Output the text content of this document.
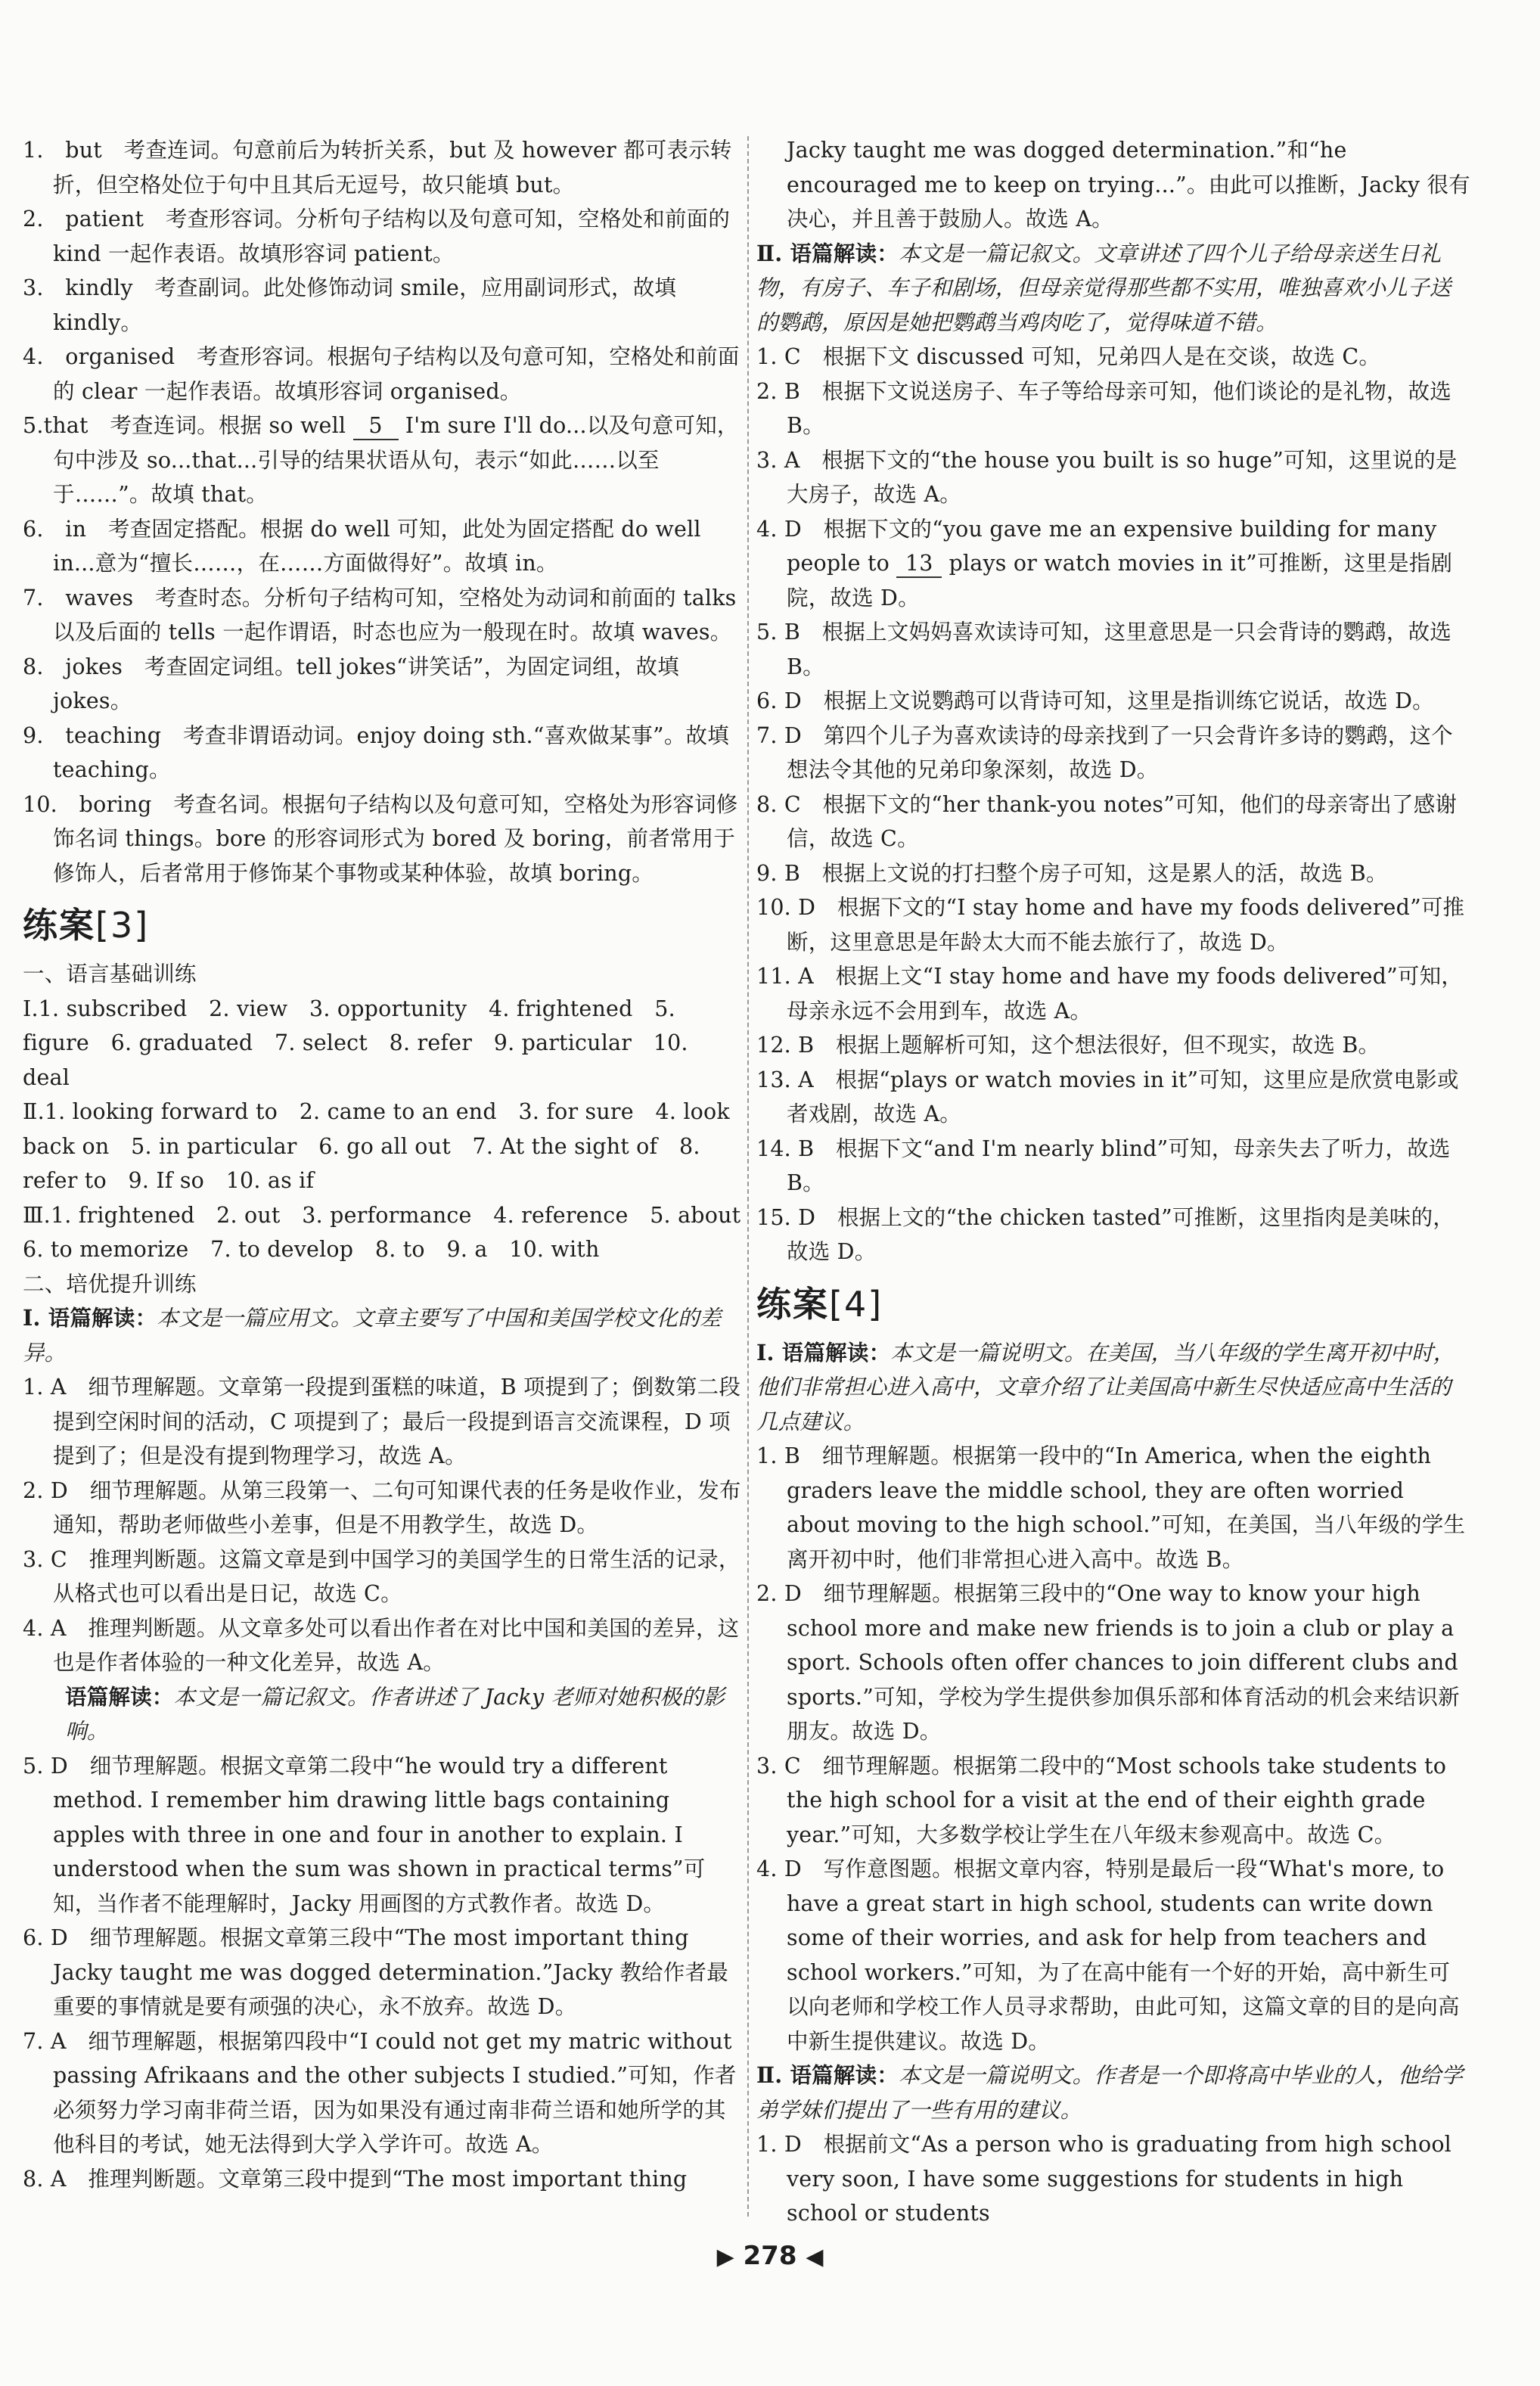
1.　 but　考查连词。句意前后为转折关系，but 及 however 都可表示转折，但空格处位于句中且其后无逗号，故只能填 but。

2.　 patient　考查形容词。分析句子结构以及句意可知，空格处和前面的 kind 一起作表语。故填形容词 patient。

3.　 kindly　考查副词。此处修饰动词 smile，应用副词形式，故填 kindly。

4.　 organised　考查形容词。根据句子结构以及句意可知，空格处和前面的 clear 一起作表语。故填形容词 organised。

5.that　考查连词。根据 so well 5 I'm sure I'll do...以及句意可知，句中涉及 so...that...引导的结果状语从句，表示“如此……以至于……”。故填 that。

6.　 in　考查固定搭配。根据 do well 可知，此处为固定搭配 do well in...意为“擅长……，在……方面做得好”。故填 in。

7.　 waves　考查时态。分析句子结构可知，空格处为动词和前面的 talks 以及后面的 tells 一起作谓语，时态也应为一般现在时。故填 waves。

8.　 jokes　考查固定词组。tell jokes“讲笑话”，为固定词组，故填 jokes。

9.　 teaching　考查非谓语动词。enjoy doing sth.“喜欢做某事”。故填 teaching。

10.　 boring　考查名词。根据句子结构以及句意可知，空格处为形容词修饰名词 things。bore 的形容词形式为 bored 及 boring，前者常用于修饰人，后者常用于修饰某个事物或某种体验，故填 boring。

练案[3]

一、语言基础训练

Ⅰ.1. subscribed　2. view　3. opportunity　4. frightened　5. figure　6. graduated　7. select　8. refer　9. particular　10. deal

Ⅱ.1. looking forward to　2. came to an end　3. for sure　4. look back on　5. in particular　6. go all out　7. At the sight of　8. refer to　9. If so　10. as if

Ⅲ.1. frightened　2. out　3. performance　4. reference　5. about　6. to memorize　7. to develop　8. to　9. a　10. with

二、培优提升训练

Ⅰ. 语篇解读：本文是一篇应用文。文章主要写了中国和美国学校文化的差异。

1. A　 细节理解题。文章第一段提到蛋糕的味道，B 项提到了；倒数第二段提到空闲时间的活动，C 项提到了；最后一段提到语言交流课程，D 项提到了；但是没有提到物理学习，故选 A。

2. D　 细节理解题。从第三段第一、二句可知课代表的任务是收作业，发布通知，帮助老师做些小差事，但是不用教学生，故选 D。

3. C　 推理判断题。这篇文章是到中国学习的美国学生的日常生活的记录，从格式也可以看出是日记，故选 C。

4. A　 推理判断题。从文章多处可以看出作者在对比中国和美国的差异，这也是作者体验的一种文化差异，故选 A。

语篇解读：本文是一篇记叙文。作者讲述了 Jacky 老师对她积极的影响。

5. D　 细节理解题。根据文章第二段中“he would try a different method. I remember him drawing little bags containing apples with three in one and four in another to explain. I understood when the sum was shown in practical terms”可知，当作者不能理解时，Jacky 用画图的方式教作者。故选 D。

6. D　 细节理解题。根据文章第三段中“The most important thing Jacky taught me was dogged determination.”Jacky 教给作者最重要的事情就是要有顽强的决心，永不放弃。故选 D。

7. A　 细节理解题，根据第四段中“I could not get my matric without passing Afrikaans and the other subjects I studied.”可知，作者必须努力学习南非荷兰语，因为如果没有通过南非荷兰语和她所学的其他科目的考试，她无法得到大学入学许可。故选 A。

8. A　 推理判断题。文章第三段中提到“The most important thing

Jacky taught me was dogged determination.”和“he encouraged me to keep on trying...”。由此可以推断，Jacky 很有决心，并且善于鼓励人。故选 A。

Ⅱ. 语篇解读：本文是一篇记叙文。文章讲述了四个儿子给母亲送生日礼物，有房子、车子和剧场，但母亲觉得那些都不实用，唯独喜欢小儿子送的鹦鹉，原因是她把鹦鹉当鸡肉吃了，觉得味道不错。

1. C　 根据下文 discussed 可知，兄弟四人是在交谈，故选 C。

2. B　 根据下文说送房子、车子等给母亲可知，他们谈论的是礼物，故选 B。

3. A　 根据下文的“the house you built is so huge”可知，这里说的是大房子，故选 A。

4. D　 根据下文的“you gave me an expensive building for many people to 13 plays or watch movies in it”可推断，这里是指剧院，故选 D。

5. B　 根据上文妈妈喜欢读诗可知，这里意思是一只会背诗的鹦鹉，故选 B。

6. D　 根据上文说鹦鹉可以背诗可知，这里是指训练它说话，故选 D。

7. D　 第四个儿子为喜欢读诗的母亲找到了一只会背许多诗的鹦鹉，这个想法令其他的兄弟印象深刻，故选 D。

8. C　 根据下文的“her thank-you notes”可知，他们的母亲寄出了感谢信，故选 C。

9. B　 根据上文说的打扫整个房子可知，这是累人的活，故选 B。

10. D　 根据下文的“I stay home and have my foods delivered”可推断，这里意思是年龄太大而不能去旅行了，故选 D。

11. A　 根据上文“I stay home and have my foods delivered”可知，母亲永远不会用到车，故选 A。

12. B　 根据上题解析可知，这个想法很好，但不现实，故选 B。

13. A　 根据“plays or watch movies in it”可知，这里应是欣赏电影或者戏剧，故选 A。

14. B　 根据下文“and I'm nearly blind”可知，母亲失去了听力，故选 B。

15. D　 根据上文的“the chicken tasted”可推断，这里指肉是美味的，故选 D。

练案[4]

Ⅰ. 语篇解读：本文是一篇说明文。在美国，当八年级的学生离开初中时，他们非常担心进入高中，文章介绍了让美国高中新生尽快适应高中生活的几点建议。

1. B　 细节理解题。根据第一段中的“In America, when the eighth graders leave the middle school, they are often worried about moving to the high school.”可知，在美国，当八年级的学生离开初中时，他们非常担心进入高中。故选 B。

2. D　 细节理解题。根据第三段中的“One way to know your high school more and make new friends is to join a club or play a sport. Schools often offer chances to join different clubs and sports.”可知，学校为学生提供参加俱乐部和体育活动的机会来结识新朋友。故选 D。

3. C　 细节理解题。根据第二段中的“Most schools take students to the high school for a visit at the end of their eighth grade year.”可知，大多数学校让学生在八年级末参观高中。故选 C。

4. D　 写作意图题。根据文章内容，特别是最后一段“What's more, to have a great start in high school, students can write down some of their worries, and ask for help from teachers and school workers.”可知，为了在高中能有一个好的开始，高中新生可以向老师和学校工作人员寻求帮助，由此可知，这篇文章的目的是向高中新生提供建议。故选 D。

Ⅱ. 语篇解读：本文是一篇说明文。作者是一个即将高中毕业的人，他给学弟学妹们提出了一些有用的建议。

1. D　 根据前文“As a person who is graduating from high school very soon, I have some suggestions for students in high school or students

▶ 278 ◀
